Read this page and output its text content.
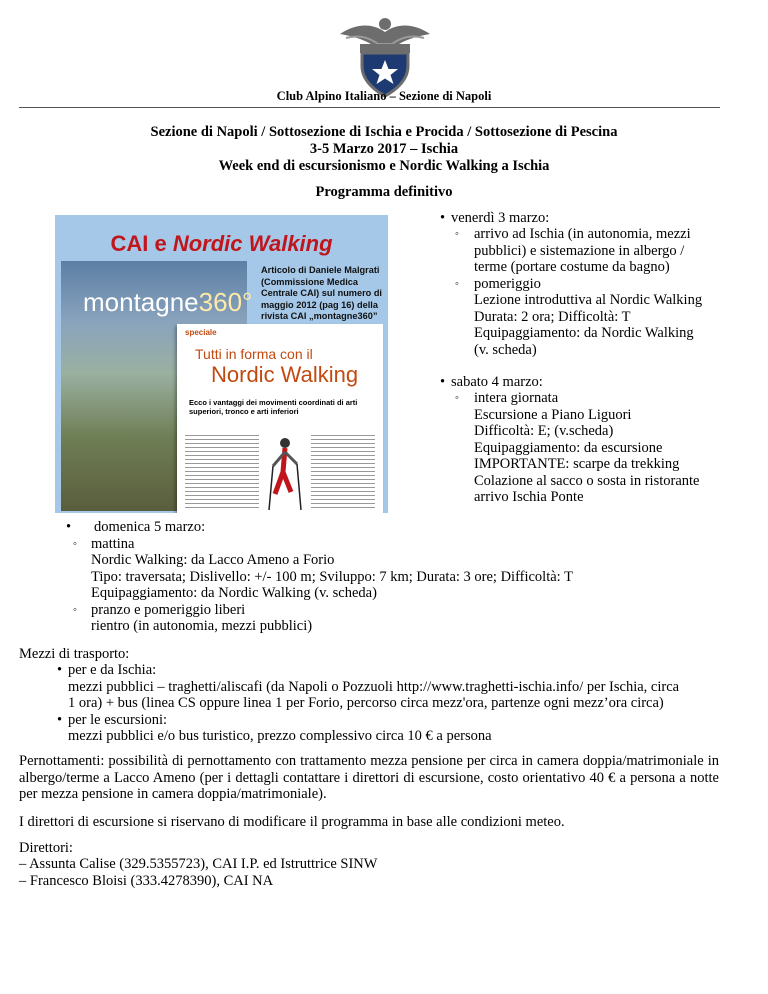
Club Alpino Italiano – Sezione di Napoli
Sezione di Napoli / Sottosezione di Ischia e Procida / Sottosezione di Pescina
3-5 Marzo 2017 – Ischia
Week end di escursionismo e Nordic Walking a Ischia
Programma definitivo
CAI e Nordic Walking
montagne360°
Articolo di Daniele Malgrati (Commissione Medica Centrale CAI) sul numero di maggio 2012 (pag 16) della rivista CAI „montagne360”
speciale
Tutti in forma con il
Nordic Walking
Ecco i vantaggi dei movimenti coordinati di arti superiori, tronco e arti inferiori
• venerdì 3 marzo:
◦ arrivo ad Ischia (in autonomia, mezzi
pubblici) e sistemazione in albergo /
terme (portare costume da bagno)
◦ pomeriggio
Lezione introduttiva al Nordic Walking
Durata: 2 ora; Difficoltà: T
Equipaggiamento: da Nordic Walking
(v. scheda)
• sabato 4 marzo:
◦ intera giornata
Escursione a Piano Liguori
Difficoltà: E; (v.scheda)
Equipaggiamento: da escursione
IMPORTANTE: scarpe da trekking
Colazione al sacco o sosta in ristorante
arrivo Ischia Ponte
• domenica 5 marzo:
◦ mattina
Nordic Walking: da Lacco Ameno a Forio
Tipo: traversata; Dislivello: +/- 100 m; Sviluppo: 7 km; Durata: 3 ore; Difficoltà: T
Equipaggiamento: da Nordic Walking (v. scheda)
◦ pranzo e pomeriggio liberi
rientro (in autonomia, mezzi pubblici)
Mezzi di trasporto:
• per e da Ischia:
mezzi pubblici – traghetti/aliscafi (da Napoli o Pozzuoli http://www.traghetti-ischia.info/ per Ischia, circa
1 ora) + bus (linea CS oppure linea 1 per Forio, percorso circa mezz'ora, partenze ogni mezz’ora circa)
• per le escursioni:
mezzi pubblici e/o bus turistico, prezzo complessivo circa 10 € a persona
Pernottamenti: possibilità di pernottamento con trattamento mezza pensione per circa in camera doppia/matrimoniale in albergo/terme a Lacco Ameno (per i dettagli contattare i direttori di escursione, costo orientativo 40 € a persona a notte per mezza pensione in camera doppia/matrimoniale).
I direttori di escursione si riservano di modificare il programma in base alle condizioni meteo.
Direttori:
– Assunta Calise (329.5355723), CAI I.P. ed Istruttrice SINW
– Francesco Bloisi (333.4278390), CAI NA
